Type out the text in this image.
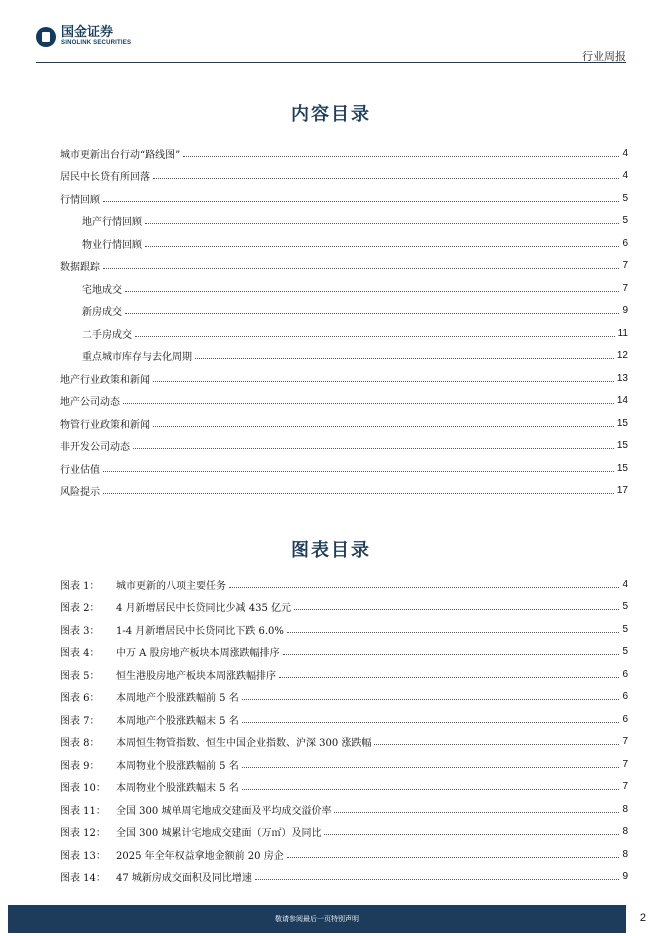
国金证券
SINOLINK SECURITIES
行业周报
内容目录
城市更新出台行动“路线图”	4
居民中长贷有所回落	4
行情回顾	5
地产行情回顾	5
物业行情回顾	6
数据跟踪	7
宅地成交	7
新房成交	9
二手房成交	11
重点城市库存与去化周期	12
地产行业政策和新闻	13
地产公司动态	14
物管行业政策和新闻	15
非开发公司动态	15
行业估值	15
风险提示	17
图表目录
图表 1：	城市更新的八项主要任务	4
图表 2：	4 月新增居民中长贷同比少减 435 亿元	5
图表 3：	1-4 月新增居民中长贷同比下跌 6.0%	5
图表 4：	中万 A 股房地产板块本周涨跌幅排序	5
图表 5：	恒生港股房地产板块本周涨跌幅排序	6
图表 6：	本周地产个股涨跌幅前 5 名	6
图表 7：	本周地产个股涨跌幅末 5 名	6
图表 8：	本周恒生物管指数、恒生中国企业指数、沪深 300 涨跌幅	7
图表 9：	本周物业个股涨跌幅前 5 名	7
图表 10：	本周物业个股涨跌幅末 5 名	7
图表 11：	全国 300 城单周宅地成交建面及平均成交溢价率	8
图表 12：	全国 300 城累计宅地成交建面（万㎡）及同比	8
图表 13：	2025 年全年权益拿地金额前 20 房企	8
图表 14：	47 城新房成交面积及同比增速	9
敬请参阅最后一页特别声明	2
